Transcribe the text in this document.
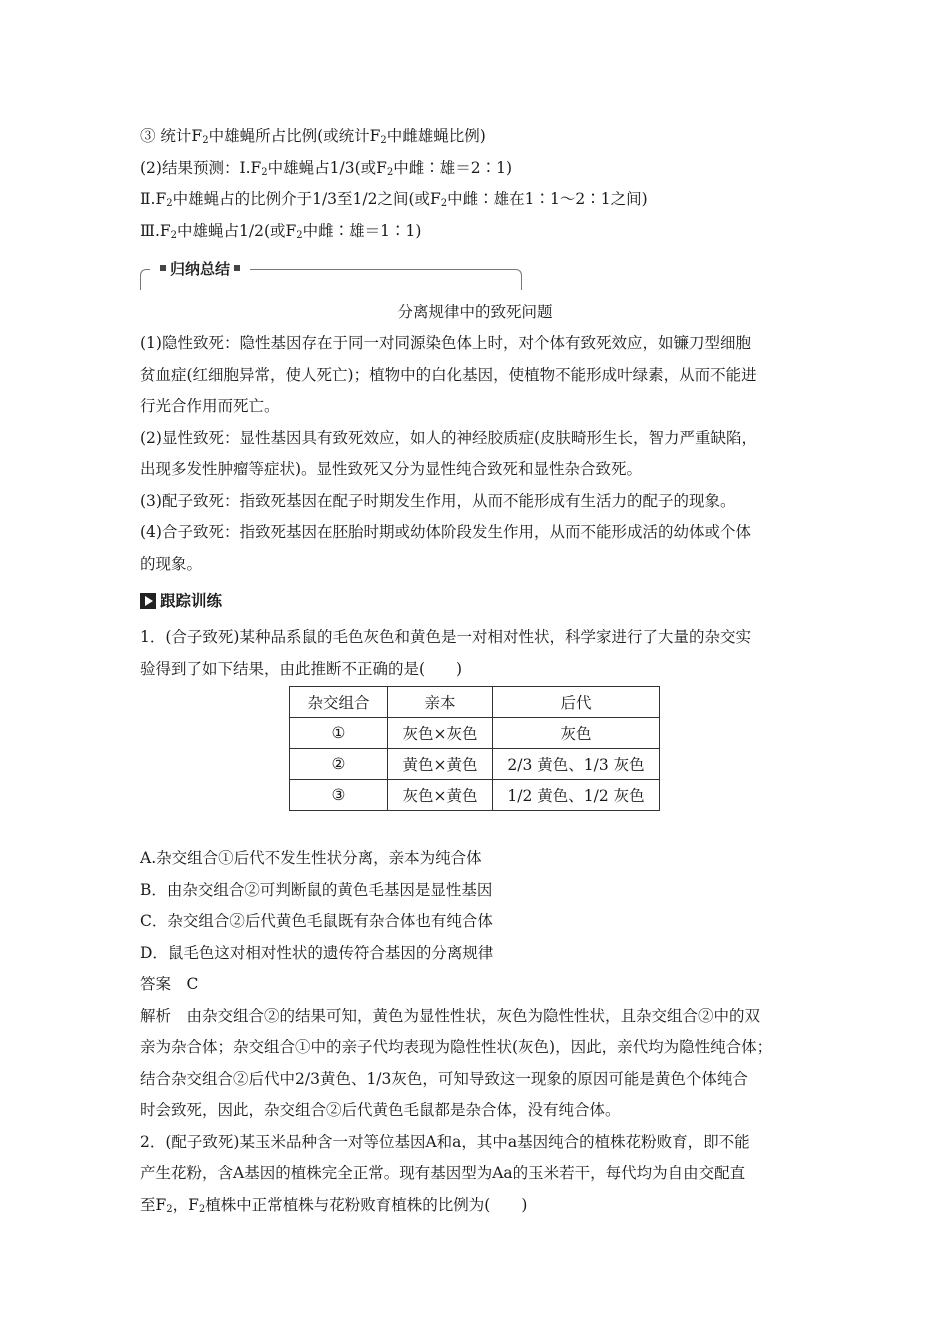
③ 统计$F_2$中雄蝇所占比例(或统计$F_2$中雌雄蝇比例)
(2)结果预测：$Ⅰ.F_2$中雄蝇占1/3(或$F_2$中雌∶雄＝2∶1)
$Ⅱ.F_2$中雄蝇占的比例介于1/3至1/2之间(或$F_2$中雌∶雄在1∶1～2∶1之间)
$Ⅲ.F_2$中雄蝇占1/2(或$F_2$中雌∶雄＝1∶1)
归纳总结
分离规律中的致死问题
(1)隐性致死：隐性基因存在于同一对同源染色体上时，对个体有致死效应，如镰刀型细胞
贫血症(红细胞异常，使人死亡)；植物中的白化基因，使植物不能形成叶绿素，从而不能进
行光合作用而死亡。
(2)显性致死：显性基因具有致死效应，如人的神经胶质症(皮肤畸形生长，智力严重缺陷，
出现多发性肿瘤等症状)。显性致死又分为显性纯合致死和显性杂合致死。
(3)配子致死：指致死基因在配子时期发生作用，从而不能形成有生活力的配子的现象。
(4)合子致死：指致死基因在胚胎时期或幼体阶段发生作用，从而不能形成活的幼体或个体
的现象。
跟踪训练
1．(合子致死)某种品系鼠的毛色灰色和黄色是一对相对性状，科学家进行了大量的杂交实
验得到了如下结果，由此推断不正确的是(　　)
杂交组合	亲本	后代
①	灰色×灰色	灰色
②	黄色×黄色	2/3 黄色、1/3 灰色
③	灰色×黄色	1/2 黄色、1/2 灰色
A.杂交组合①后代不发生性状分离，亲本为纯合体
B．由杂交组合②可判断鼠的黄色毛基因是显性基因
C．杂交组合②后代黄色毛鼠既有杂合体也有纯合体
D．鼠毛色这对相对性状的遗传符合基因的分离规律
答案　C
解析　由杂交组合②的结果可知，黄色为显性性状，灰色为隐性性状，且杂交组合②中的双
亲为杂合体；杂交组合①中的亲子代均表现为隐性性状(灰色)，因此，亲代均为隐性纯合体；
结合杂交组合②后代中2/3黄色、1/3灰色，可知导致这一现象的原因可能是黄色个体纯合
时会致死，因此，杂交组合②后代黄色毛鼠都是杂合体，没有纯合体。
2．(配子致死)某玉米品种含一对等位基因A和a，其中a基因纯合的植株花粉败育，即不能
产生花粉，含A基因的植株完全正常。现有基因型为Aa的玉米若干，每代均为自由交配直
至$F_2$，$F_2$植株中正常植株与花粉败育植株的比例为(　　)
